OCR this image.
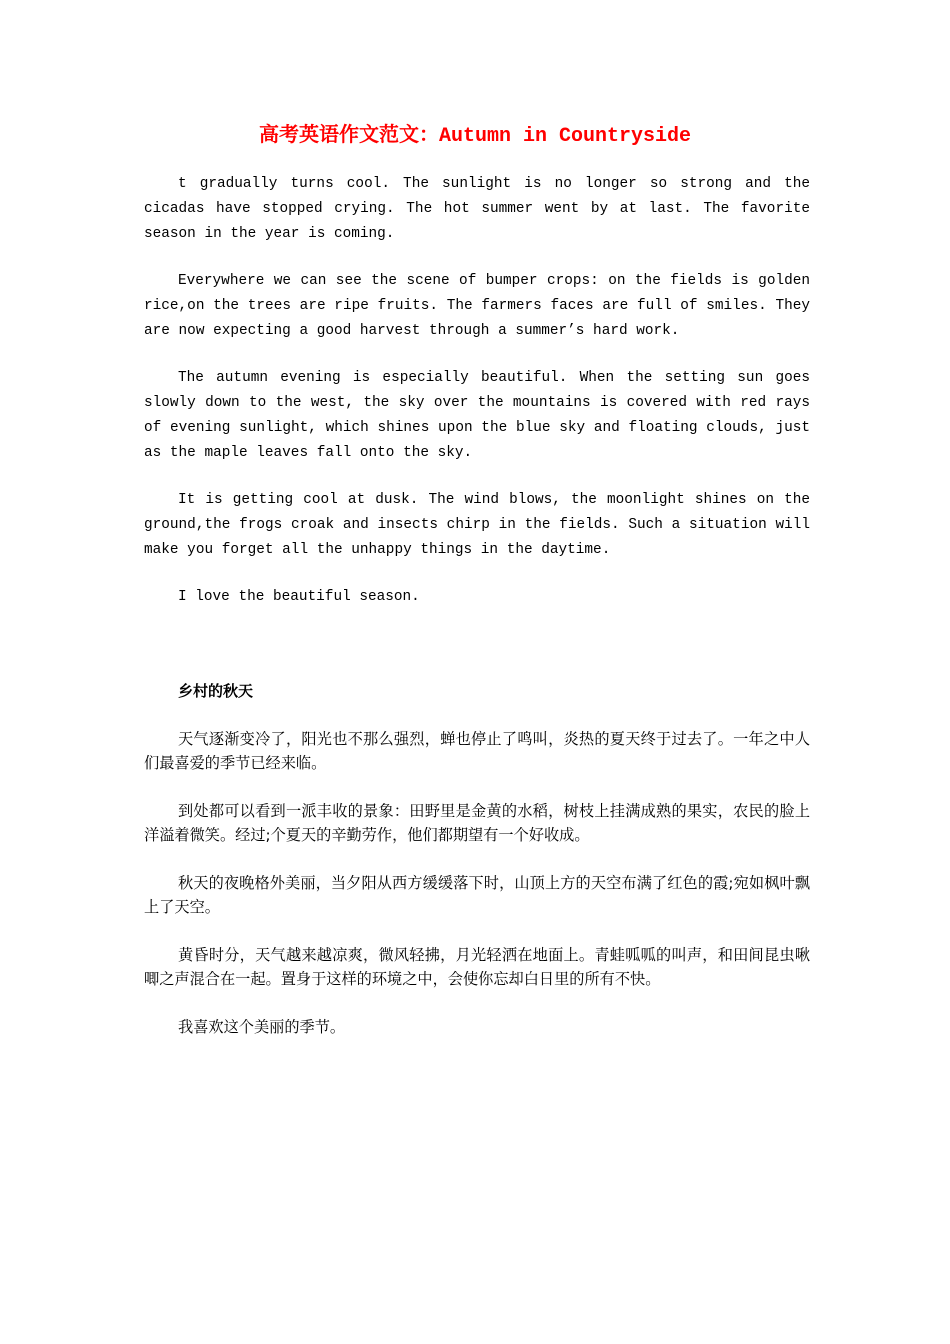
高考英语作文范文：Autumn in Countryside

t gradually turns cool. The sunlight is no longer so strong and the cicadas have stopped crying. The hot summer went by at last. The favorite season in the year is coming.

Everywhere we can see the scene of bumper crops: on the fields is golden rice,on the trees are ripe fruits. The farmers faces are full of smiles. They are now expecting a good harvest through a summer’s hard work.

The autumn evening is especially beautiful. When the setting sun goes slowly down to the west, the sky over the mountains is covered with red rays of evening sunlight, which shines upon the blue sky and floating clouds, just as the maple leaves fall onto the sky.

It is getting cool at dusk. The wind blows, the moonlight shines on the ground,the frogs croak and insects chirp in the fields. Such a situation will make you forget all the unhappy things in the daytime.

I love the beautiful season.

乡村的秋天

天气逐渐变冷了，阳光也不那么强烈，蝉也停止了鸣叫，炎热的夏天终于过去了。一年之中人们最喜爱的季节已经来临。

到处都可以看到一派丰收的景象：田野里是金黄的水稻，树枝上挂满成熟的果实，农民的脸上洋溢着微笑。经过;个夏天的辛勤劳作，他们都期望有一个好收成。

秋天的夜晚格外美丽，当夕阳从西方缓缓落下时，山顶上方的天空布满了红色的霞;宛如枫叶飘上了天空。

黄昏时分，天气越来越凉爽，微风轻拂，月光轻洒在地面上。青蛙呱呱的叫声，和田间昆虫啾唧之声混合在一起。置身于这样的环境之中，会使你忘却白日里的所有不快。

我喜欢这个美丽的季节。
